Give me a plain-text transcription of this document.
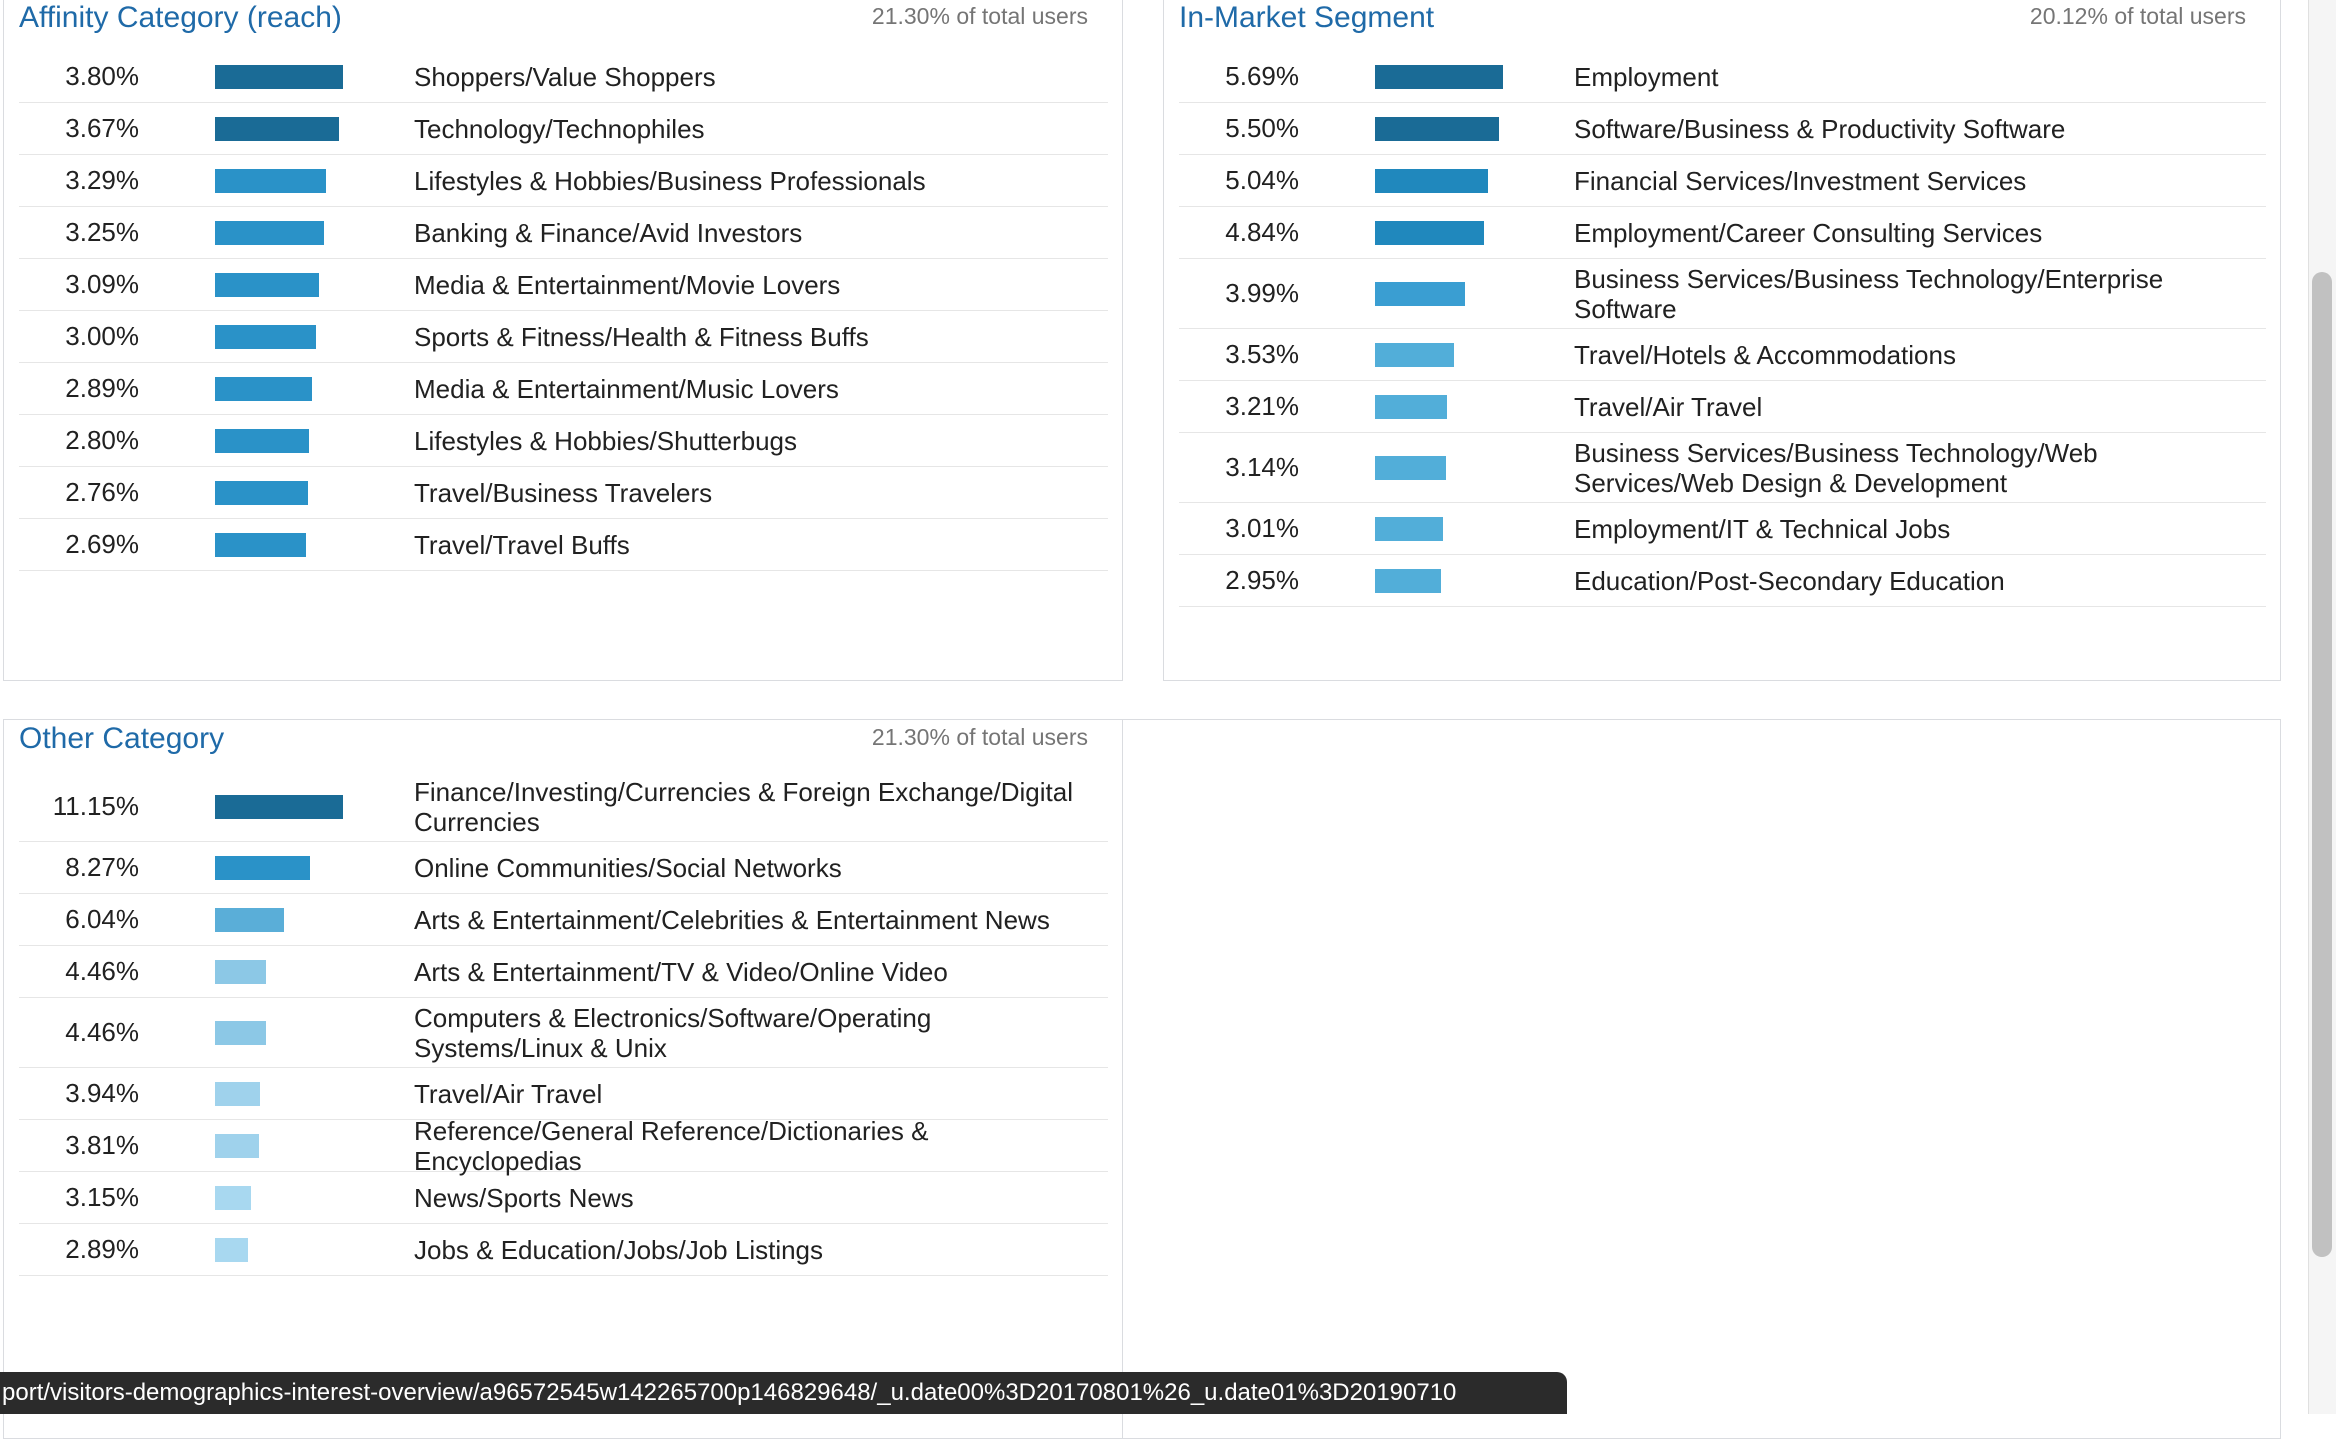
Affinity Category (reach)	21.30% of total users
3.80%	Shoppers/Value Shoppers
3.67%	Technology/Technophiles
3.29%	Lifestyles & Hobbies/Business Professionals
3.25%	Banking & Finance/Avid Investors
3.09%	Media & Entertainment/Movie Lovers
3.00%	Sports & Fitness/Health & Fitness Buffs
2.89%	Media & Entertainment/Music Lovers
2.80%	Lifestyles & Hobbies/Shutterbugs
2.76%	Travel/Business Travelers
2.69%	Travel/Travel Buffs
In-Market Segment	20.12% of total users
5.69%	Employment
5.50%	Software/Business & Productivity Software
5.04%	Financial Services/Investment Services
4.84%	Employment/Career Consulting Services
3.99%	Business Services/Business Technology/Enterprise Software
3.53%	Travel/Hotels & Accommodations
3.21%	Travel/Air Travel
3.14%	Business Services/Business Technology/Web Services/Web Design & Development
3.01%	Employment/IT & Technical Jobs
2.95%	Education/Post-Secondary Education
Other Category	21.30% of total users
11.15%	Finance/Investing/Currencies & Foreign Exchange/Digital Currencies
8.27%	Online Communities/Social Networks
6.04%	Arts & Entertainment/Celebrities & Entertainment News
4.46%	Arts & Entertainment/TV & Video/Online Video
4.46%	Computers & Electronics/Software/Operating Systems/Linux & Unix
3.94%	Travel/Air Travel
3.81%	Reference/General Reference/Dictionaries & Encyclopedias
3.15%	News/Sports News
2.89%	Jobs & Education/Jobs/Job Listings
port/visitors-demographics-interest-overview/a96572545w142265700p146829648/_u.date00%3D20170801%26_u.date01%3D20190710
